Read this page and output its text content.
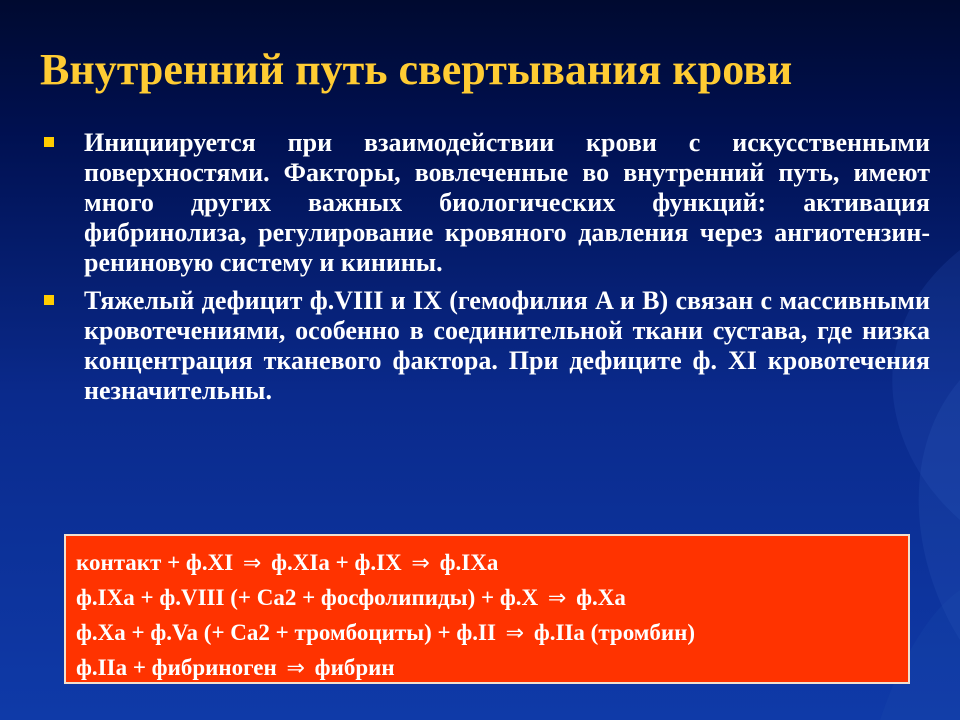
Внутренний путь свертывания крови
Инициируется при взаимодействии крови с искусственными поверхностями. Факторы, вовлеченные во внутренний путь, имеют много других важных биологических функций: активация фибринолиза, регулирование кровяного давления через ангиотензин-рениновую систему и кинины.
Тяжелый дефицит ф.VIII и IX (гемофилия A и B) связан с массивными кровотечениями, особенно в соединительной ткани сустава, где низка концентрация тканевого фактора. При дефиците ф. XI кровотечения незначительны.
контакт + ф.XI ⇒ ф.XIa + ф.IX ⇒ ф.IXa
ф.IXa + ф.VIII (+ Ca2 + фосфолипиды) + ф.X ⇒ ф.Xa
ф.Xa + ф.Va (+ Ca2 + тромбоциты) + ф.II ⇒ ф.IIa (тромбин)
ф.IIa + фибриноген ⇒ фибрин
